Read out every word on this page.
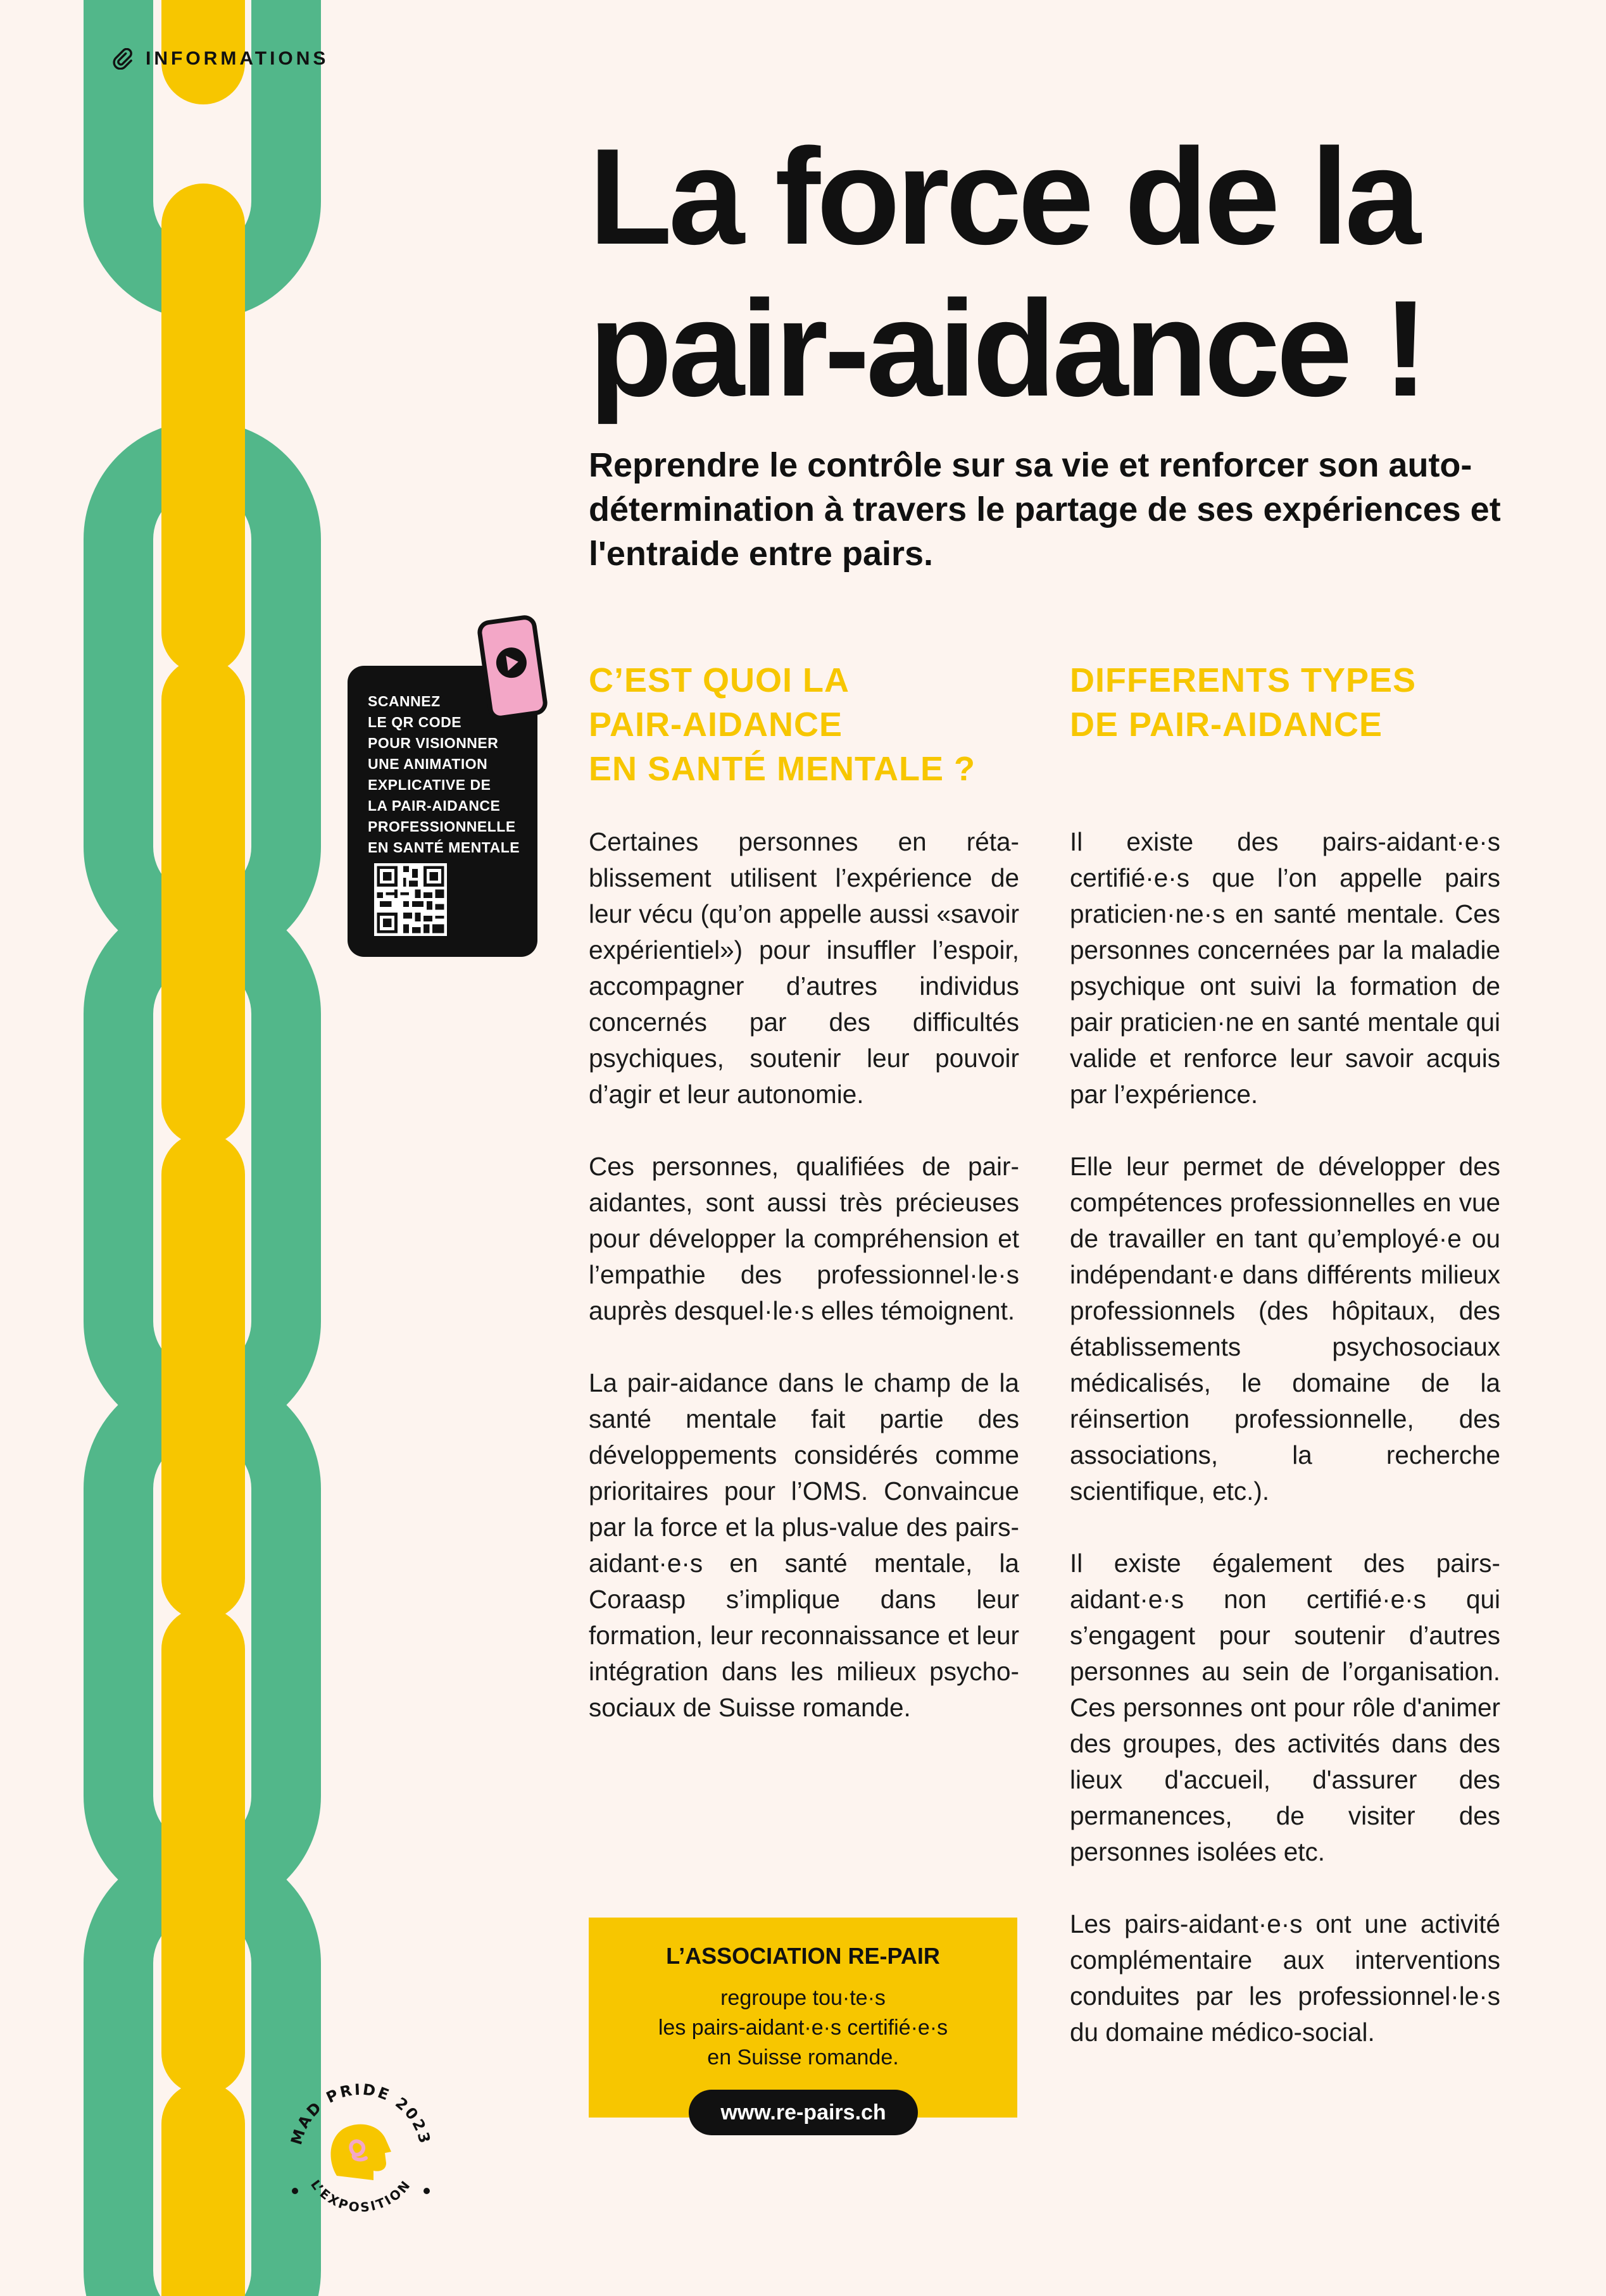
INFORMATIONS
La force de la
pair-aidance !

Reprendre le contrôle sur sa vie et renforcer son auto-détermination à travers le partage de ses expériences et l'entraide entre pairs.

SCANNEZ
LE QR CODE
POUR VISIONNER
UNE ANIMATION
EXPLICATIVE DE
LA PAIR-AIDANCE
PROFESSIONNELLE
EN SANTÉ MENTALE
C’EST QUOI LA
PAIR-AIDANCE
EN SANTÉ MENTALE ?
DIFFERENTS TYPES
DE PAIR-AIDANCE

Certaines personnes en rétablissement utilisent l’expérience de leur vécu (qu’on appelle aussi «savoir expérientiel») pour insuffler l’espoir, accompagner d’autres individus concernés par des difficultés psychiques, soutenir leur pouvoir d’agir et leur autonomie.

Ces personnes, qualifiées de pair-aidantes, sont aussi très précieuses pour développer la compréhension et l’empathie des professionnel·le·s auprès desquel·le·s elles témoignent.

La pair-aidance dans le champ de la santé mentale fait partie des développements considérés comme prioritaires pour l’OMS. Convaincue par la force et la plus-value des pairs-aidant·e·s en santé mentale, la Coraasp s’implique dans leur formation, leur reconnaissance et leur intégration dans les milieux psycho-sociaux de Suisse romande.

Il existe des pairs-aidant·e·s certifié·e·s que l’on appelle pairs praticien·ne·s en santé mentale. Ces personnes concernées par la maladie psychique ont suivi la formation de pair praticien·ne en santé mentale qui valide et renforce leur savoir acquis par l’expérience.

Elle leur permet de développer des compétences professionnelles en vue de travailler en tant qu’employé·e ou indépendant·e dans différents milieux professionnels (des hôpitaux, des établissements psychosociaux médicalisés, le domaine de la réinsertion professionnelle, des associations, la recherche scientifique, etc.).

Il existe également des pairs-aidant·e·s non certifié·e·s qui s’engagent pour soutenir d’autres personnes au sein de l’organisation. Ces personnes ont pour rôle d'animer des groupes, des activités dans des lieux d'accueil, d'assurer des permanences, de visiter des personnes isolées etc.

Les pairs-aidant·e·s ont une activité complémentaire aux interventions conduites par les professionnel·le·s du domaine médico-social.

L’ASSOCIATION RE-PAIR

regroupe tou·te·s
les pairs-aidant·e·s certifié·e·s
en Suisse romande.

www.re-pairs.ch
MAD PRIDE 2023
L’EXPOSITION
